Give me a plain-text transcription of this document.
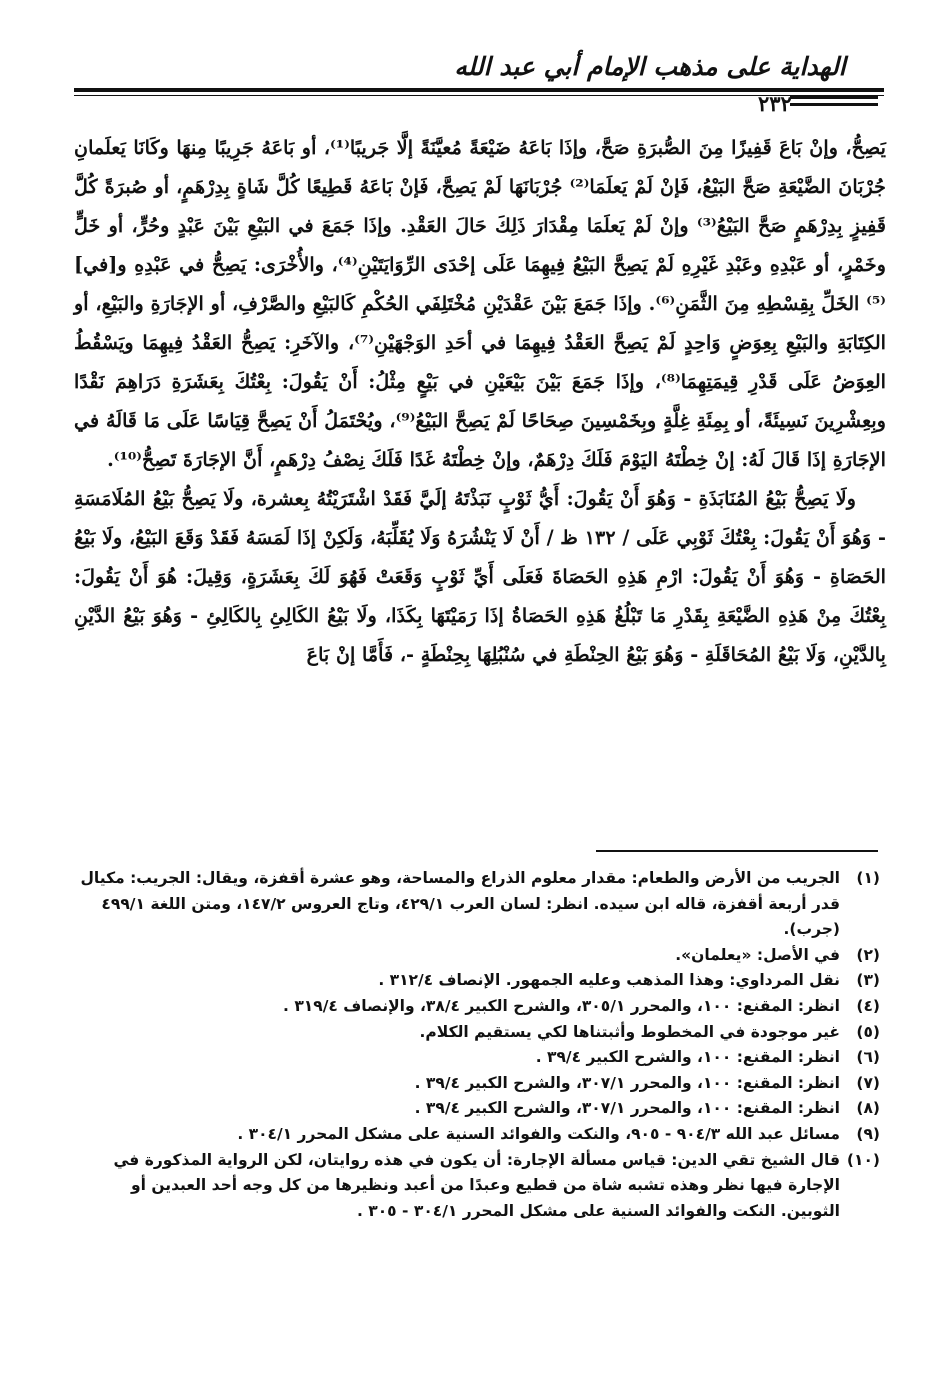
الهداية على مذهب الإمام أبي عبد الله
٢٣٢

يَصِحُّ، وإنْ بَاعَ قَفِيزًا مِنَ الصُّبرَةِ صَحَّ، وإذَا بَاعَهُ ضَيْعَةً مُعيَّنَةً إلَّا جَريبًا⁽¹⁾، أو بَاعَهُ جَرِيبًا مِنهَا وكَانَا يَعلَمانِ جُرْبَانَ الضَّيْعَةِ صَحَّ البَيْعُ، فَإنْ لَمْ يَعلَمَا⁽²⁾ جُرْبَانَهَا لَمْ يَصِحَّ، فَإنْ بَاعَهُ قَطِيعًا كُلَّ شَاةٍ بِدِرْهَمٍ، أو صُبرَةً كُلَّ قَفِيزٍ بِدِرْهَمٍ صَحَّ البَيْعُ⁽³⁾ وإنْ لَمْ يَعلَمَا مِقْدَارَ ذَلِكَ حَالَ العَقْدِ. وإذَا جَمَعَ في البَيْعِ بَيْنَ عَبْدٍ وحُرٍّ، أو خَلٍّ وخَمْرٍ، أو عَبْدِهِ وعَبْدِ غَيْرِهِ لَمْ يَصِحَّ البَيْعُ فِيهِمَا عَلَى إحْدَى الرِّوَايَتَيْنِ⁽⁴⁾، والأُخْرَى: يَصِحُّ في عَبْدِهِ و[في]⁽⁵⁾ الخَلِّ بِقِسْطِهِ مِنَ الثَّمَنِ⁽⁶⁾. وإذَا جَمَعَ بَيْنَ عَقْدَيْنِ مُخْتَلِفَي الحُكْمِ كَالبَيْعِ والصَّرْفِ، أو الإجَارَةِ والبَيْعِ، أو الكِتَابَةِ والبَيْعِ بِعِوَضٍ وَاحِدٍ لَمْ يَصِحَّ العَقْدُ فِيهِمَا في أحَدِ الوَجْهَيْنِ⁽⁷⁾، والآخَرِ: يَصِحُّ العَقْدُ فِيهِمَا ويَسْقُطُ العِوَضُ عَلَى قَدْرِ قِيمَتِهِمَا⁽⁸⁾، وإذَا جَمَعَ بَيْنَ بَيْعَيْنِ في بَيْعٍ مِثْلُ: أَنْ يَقُولَ: بِعْتُكَ بِعَشَرَةِ دَرَاهِمَ نَقْدًا وبِعِشْرِينَ نَسِيئَةً، أو بِمِئَةِ غِلَّةٍ وبِخَمْسِينَ صِحَاحًا لَمْ يَصِحَّ البَيْعُ⁽⁹⁾، ويُحْتَمَلُ أَنْ يَصِحَّ قِيَاسًا عَلَى مَا قَالَهُ في الإجَارَةِ إذَا قَالَ لَهُ: إنْ خِطْتَهُ اليَوْمَ فَلَكَ دِرْهَمٌ، وإنْ خِطْتَهُ غَدًا فَلَكَ نِصْفُ دِرْهَمٍ، أَنَّ الإجَارَةَ تَصِحُّ⁽¹⁰⁾.

ولَا يَصِحُّ بَيْعُ المُنَابَذَةِ - وَهُوَ أَنْ يَقُولَ: أَيُّ ثَوْبٍ نَبَذْتَهُ إلَيَّ فَقَدْ اشْتَرَيْتُهُ بِعشرة، ولَا يَصِحُّ بَيْعُ المُلَامَسَةِ - وَهُوَ أَنْ يَقُولَ: بِعْتُكَ ثَوْبِي عَلَى / ١٣٢ ظ / أَنْ لَا يَنْشُرَهُ وَلَا يُقَلِّبَهُ، وَلَكِنْ إذَا لَمَسَهُ فَقَدْ وَقَعَ البَيْعُ، ولَا بَيْعُ الحَصَاةِ - وَهُوَ أَنْ يَقُولَ: ارْمِ هَذِهِ الحَصَاةَ فَعَلَى أَيِّ ثَوْبٍ وَقَعَتْ فَهُوَ لَكَ بِعَشَرَةٍ، وَقِيلَ: هُوَ أَنْ يَقُولَ: بِعْتُكَ مِنْ هَذِهِ الضَّيْعَةِ بِقَدْرِ مَا تَبْلُغُ هَذِهِ الحَصَاةُ إذَا رَمَيْتَهَا بِكَذَا، ولَا بَيْعُ الكَالِئِ بِالكَالِئِ - وَهُوَ بَيْعُ الدَّيْنِ بِالدَّيْنِ، وَلَا بَيْعُ المُحَاقَلَةِ - وَهُوَ بَيْعُ الحِنْطَةِ في سُنْبُلِهَا بِحِنْطَةٍ -، فَأَمَّا إنْ بَاعَ

(١)الجريب من الأرض والطعام: مقدار معلوم الذراع والمساحة، وهو عشرة أقفزة، ويقال: الجريب: مكيال قدر أربعة أقفزة، قاله ابن سيده. انظر: لسان العرب ٤٢٩/١، وتاج العروس ١٤٧/٢، ومتن اللغة ٤٩٩/١ (جرب).

(٢)في الأصل: «يعلمان».

(٣)نقل المرداوي: وهذا المذهب وعليه الجمهور. الإنصاف ٣١٢/٤ .

(٤)انظر: المقنع: ١٠٠، والمحرر ٣٠٥/١، والشرح الكبير ٣٨/٤، والإنصاف ٣١٩/٤ .

(٥)غير موجودة في المخطوط وأثبتناها لكي يستقيم الكلام.

(٦)انظر: المقنع: ١٠٠، والشرح الكبير ٣٩/٤ .

(٧)انظر: المقنع: ١٠٠، والمحرر ٣٠٧/١، والشرح الكبير ٣٩/٤ .

(٨)انظر: المقنع: ١٠٠، والمحرر ٣٠٧/١، والشرح الكبير ٣٩/٤ .

(٩)مسائل عبد الله ٩٠٤/٣ - ٩٠٥، والنكت والفوائد السنية على مشكل المحرر ٣٠٤/١ .

(١٠)قال الشيخ تقي الدين: قياس مسألة الإجارة: أن يكون في هذه روايتان، لكن الرواية المذكورة في الإجارة فيها نظر وهذه تشبه شاة من قطيع وعبدًا من أعبد ونظيرها من كل وجه أحد العبدين أو الثوبين. النكت والفوائد السنية على مشكل المحرر ٣٠٤/١ - ٣٠٥ .
